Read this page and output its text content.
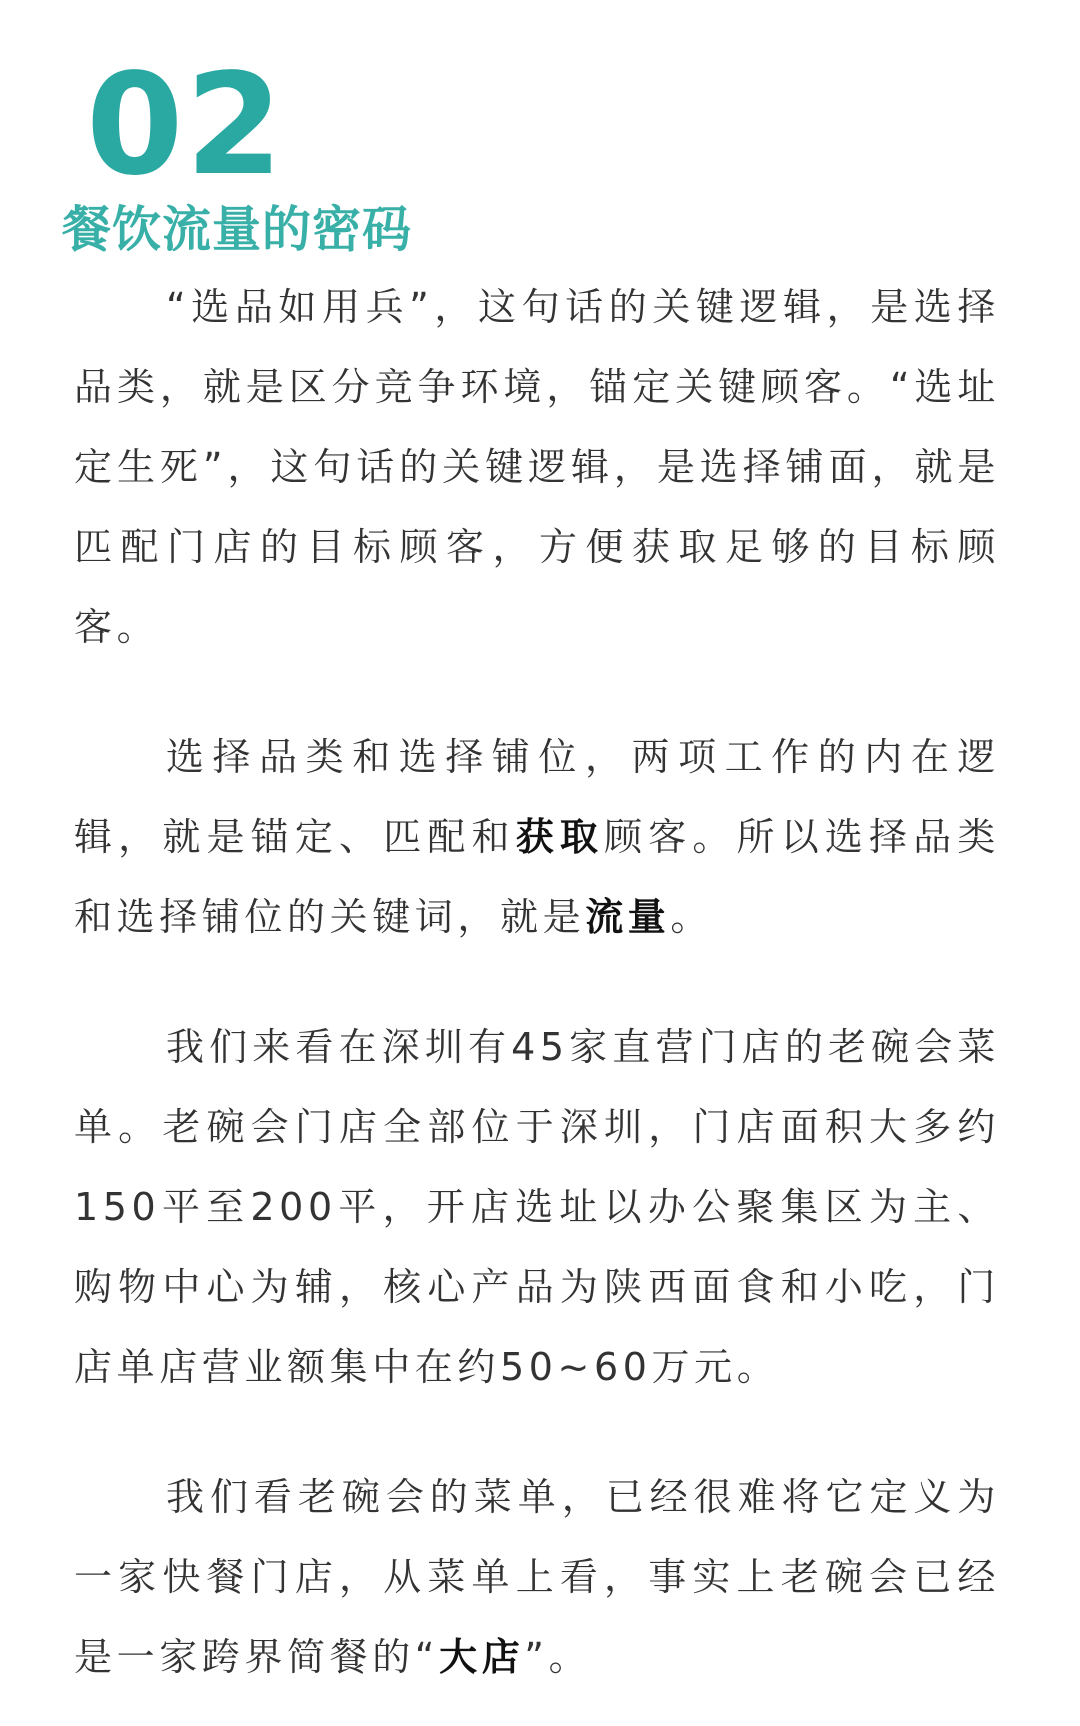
02
餐饮流量的密码

“选品如用兵”，这句话的关键逻辑，是选择品类，就是区分竞争环境，锚定关键顾客。“选址定生死”，这句话的关键逻辑，是选择铺面，就是匹配门店的目标顾客，方便获取足够的目标顾客。

选择品类和选择铺位，两项工作的内在逻辑，就是锚定、匹配和获取顾客。所以选择品类和选择铺位的关键词，就是流量。

我们来看在深圳有45家直营门店的老碗会菜单。老碗会门店全部位于深圳，门店面积大多约150平至200平，开店选址以办公聚集区为主、购物中心为辅，核心产品为陕西面食和小吃，门店单店营业额集中在约50~60万元。

我们看老碗会的菜单，已经很难将它定义为一家快餐门店，从菜单上看，事实上老碗会已经是一家跨界简餐的“大店”。
